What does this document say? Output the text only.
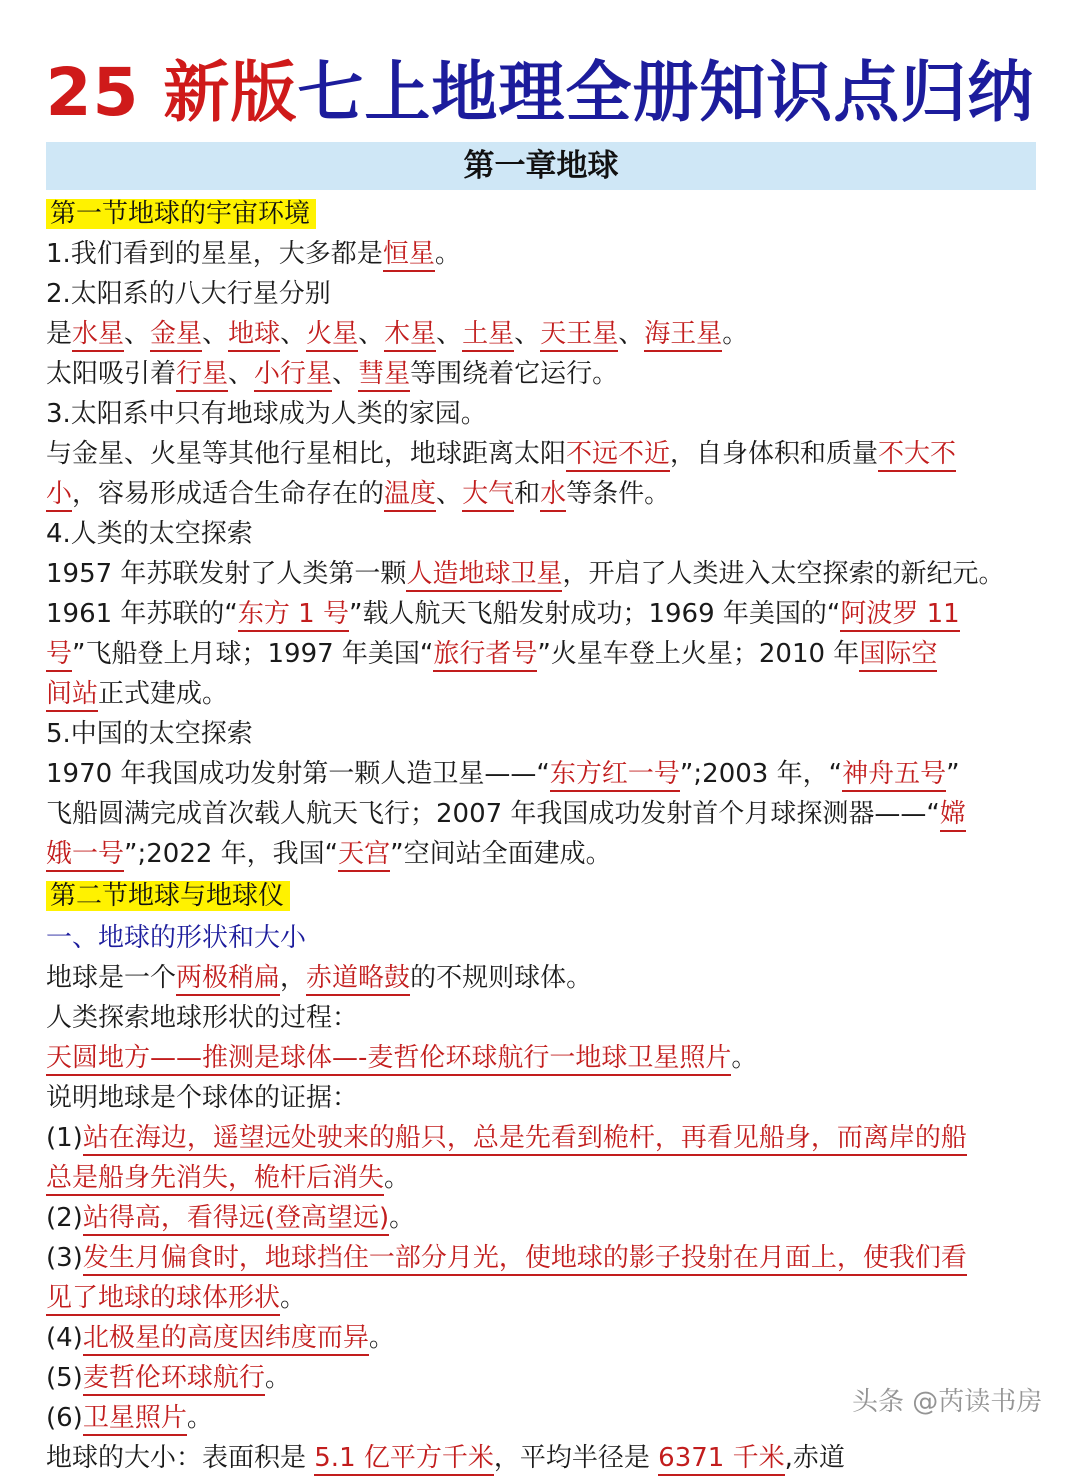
25 新版七上地理全册知识点归纳
第一章地球
第一节地球的宇宙环境
1.我们看到的星星，大多都是恒星。
2.太阳系的八大行星分别
是水星、金星、地球、火星、木星、土星、天王星、海王星。
太阳吸引着行星、小行星、彗星等围绕着它运行。
3.太阳系中只有地球成为人类的家园。
与金星、火星等其他行星相比，地球距离太阳不远不近，自身体积和质量不大不
小，容易形成适合生命存在的温度、大气和水等条件。
4.人类的太空探索
1957 年苏联发射了人类第一颗人造地球卫星，开启了人类进入太空探索的新纪元。
1961 年苏联的“东方 1 号”载人航天飞船发射成功；1969 年美国的“阿波罗 11
号”飞船登上月球；1997 年美国“旅行者号”火星车登上火星；2010 年国际空
间站正式建成。
5.中国的太空探索
1970 年我国成功发射第一颗人造卫星——“东方红一号”;2003 年，“神舟五号”
飞船圆满完成首次载人航天飞行；2007 年我国成功发射首个月球探测器——“嫦
娥一号”;2022 年，我国“天宫”空间站全面建成。
第二节地球与地球仪
一、地球的形状和大小
地球是一个两极稍扁，赤道略鼓的不规则球体。
人类探索地球形状的过程：
天圆地方——推测是球体—-麦哲伦环球航行一地球卫星照片。
说明地球是个球体的证据：
(1)站在海边，遥望远处驶来的船只，总是先看到桅杆，再看见船身，而离岸的船
总是船身先消失，桅杆后消失。
(2)站得高，看得远(登高望远)。
(3)发生月偏食时，地球挡住一部分月光，使地球的影子投射在月面上，使我们看
见了地球的球体形状。
(4)北极星的高度因纬度而异。
(5)麦哲伦环球航行。
(6)卫星照片。
地球的大小：表面积是 5.1 亿平方千米，平均半径是 6371 千米,赤道
头条 @芮读书房
